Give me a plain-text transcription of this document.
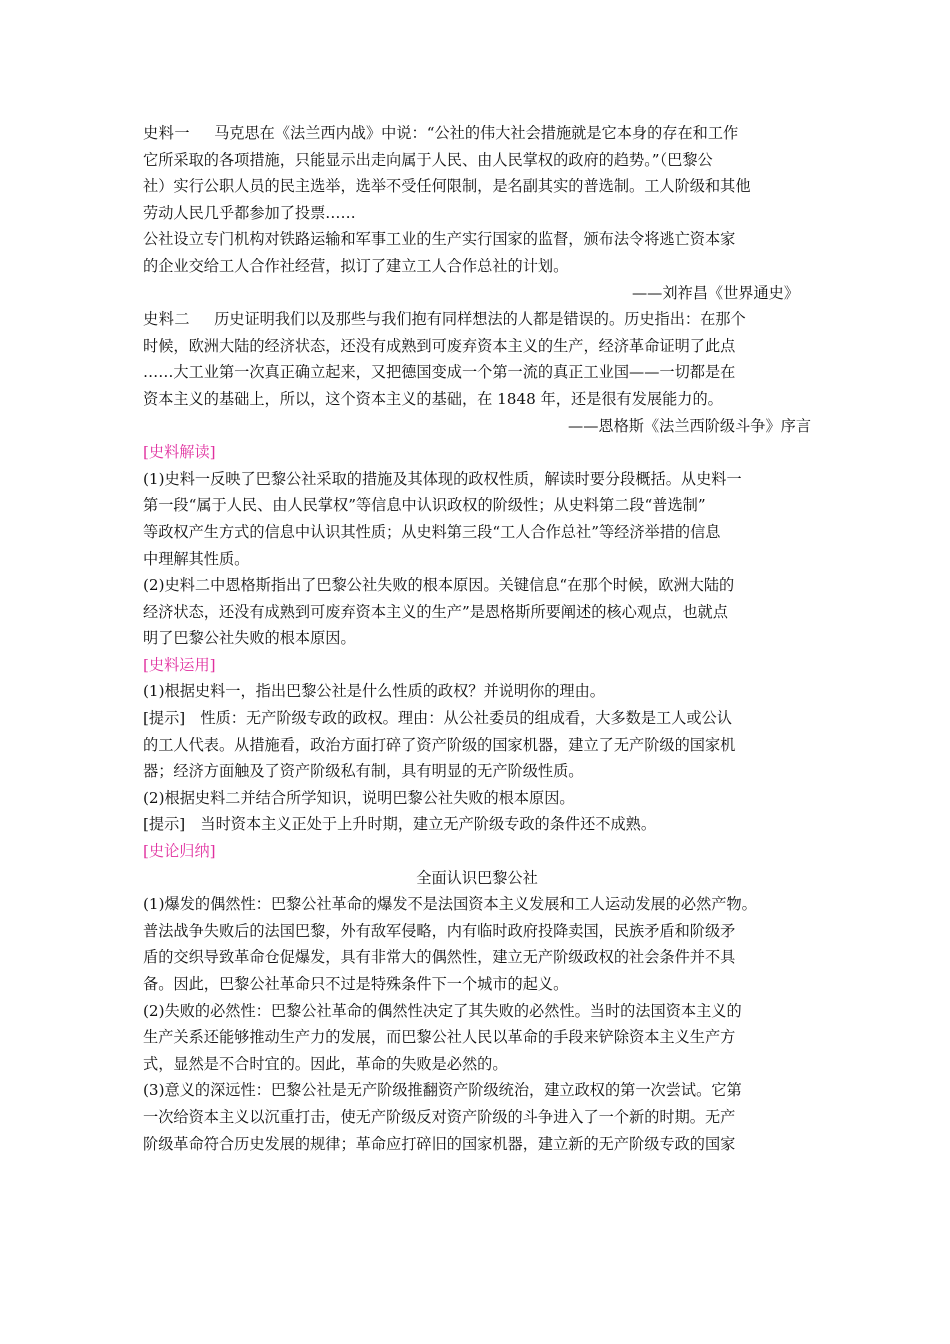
史料一 马克思在《法兰西内战》中说：“公社的伟大社会措施就是它本身的存在和工作

它所采取的各项措施，只能显示出走向属于人民、由人民掌权的政府的趋势。”（巴黎公

社）实行公职人员的民主选举，选举不受任何限制，是名副其实的普选制。工人阶级和其他

劳动人民几乎都参加了投票……

公社设立专门机构对铁路运输和军事工业的生产实行国家的监督，颁布法令将逃亡资本家

的企业交给工人合作社经营，拟订了建立工人合作总社的计划。

——刘祚昌《世界通史》

史料二 历史证明我们以及那些与我们抱有同样想法的人都是错误的。历史指出：在那个

时候，欧洲大陆的经济状态，还没有成熟到可废弃资本主义的生产，经济革命证明了此点

……大工业第一次真正确立起来，又把德国变成一个第一流的真正工业国——一切都是在

资本主义的基础上，所以，这个资本主义的基础，在 1848 年，还是很有发展能力的。

——恩格斯《法兰西阶级斗争》序言

[史料解读]

(1)史料一反映了巴黎公社采取的措施及其体现的政权性质，解读时要分段概括。从史料一

第一段“属于人民、由人民掌权”等信息中认识政权的阶级性；从史料第二段“普选制”

等政权产生方式的信息中认识其性质；从史料第三段“工人合作总社”等经济举措的信息

中理解其性质。

(2)史料二中恩格斯指出了巴黎公社失败的根本原因。关键信息“在那个时候，欧洲大陆的

经济状态，还没有成熟到可废弃资本主义的生产”是恩格斯所要阐述的核心观点，也就点

明了巴黎公社失败的根本原因。

[史料运用]

(1)根据史料一，指出巴黎公社是什么性质的政权？并说明你的理由。

[提示]　性质：无产阶级专政的政权。理由：从公社委员的组成看，大多数是工人或公认

的工人代表。从措施看，政治方面打碎了资产阶级的国家机器，建立了无产阶级的国家机

器；经济方面触及了资产阶级私有制，具有明显的无产阶级性质。

(2)根据史料二并结合所学知识，说明巴黎公社失败的根本原因。

[提示]　当时资本主义正处于上升时期，建立无产阶级专政的条件还不成熟。

[史论归纳]

全面认识巴黎公社

(1)爆发的偶然性：巴黎公社革命的爆发不是法国资本主义发展和工人运动发展的必然产物。

普法战争失败后的法国巴黎，外有敌军侵略，内有临时政府投降卖国，民族矛盾和阶级矛

盾的交织导致革命仓促爆发，具有非常大的偶然性，建立无产阶级政权的社会条件并不具

备。因此，巴黎公社革命只不过是特殊条件下一个城市的起义。

(2)失败的必然性：巴黎公社革命的偶然性决定了其失败的必然性。当时的法国资本主义的

生产关系还能够推动生产力的发展，而巴黎公社人民以革命的手段来铲除资本主义生产方

式，显然是不合时宜的。因此，革命的失败是必然的。

(3)意义的深远性：巴黎公社是无产阶级推翻资产阶级统治，建立政权的第一次尝试。它第

一次给资本主义以沉重打击，使无产阶级反对资产阶级的斗争进入了一个新的时期。无产

阶级革命符合历史发展的规律；革命应打碎旧的国家机器，建立新的无产阶级专政的国家
